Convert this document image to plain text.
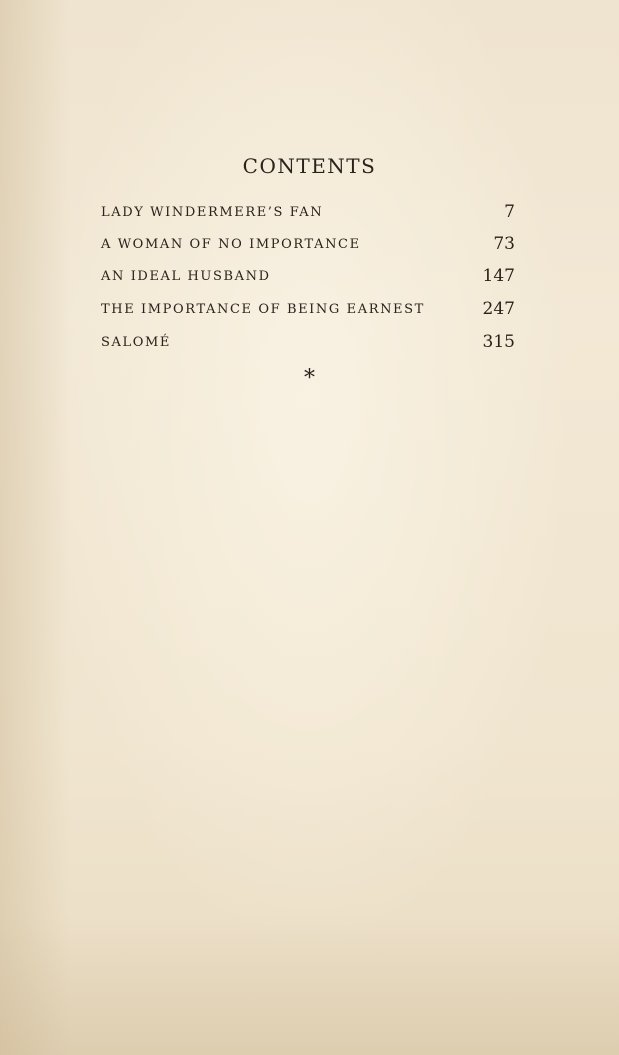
CONTENTS
LADY WINDERMERE’S FAN	7
A WOMAN OF NO IMPORTANCE	73
AN IDEAL HUSBAND	147
THE IMPORTANCE OF BEING EARNEST	247
SALOMÉ	315
*
